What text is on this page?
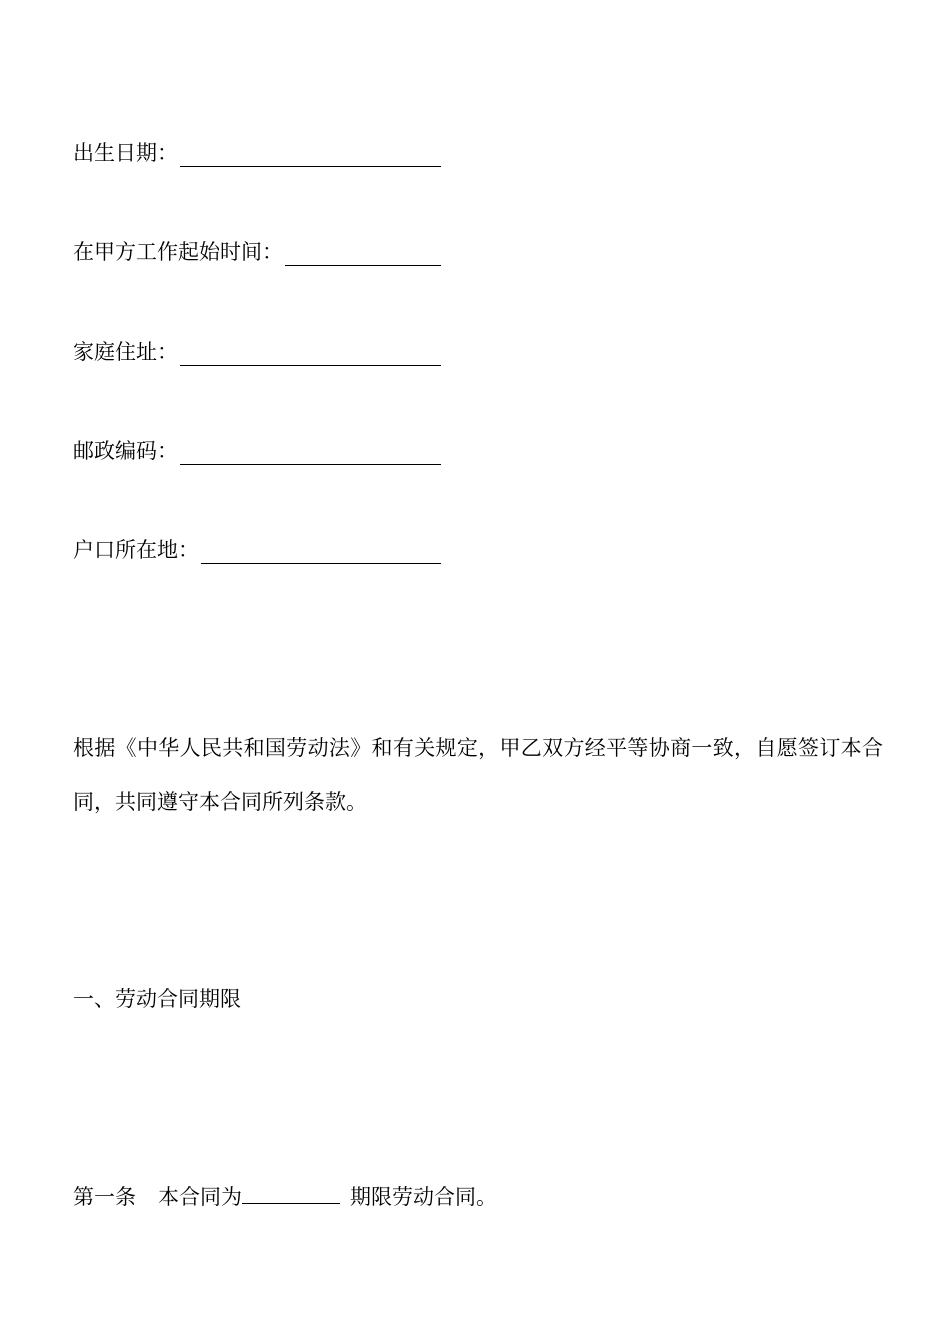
出生日期：
在甲方工作起始时间：
家庭住址：
邮政编码：
户口所在地：
根据《中华人民共和国劳动法》和有关规定，甲乙双方经平等协商一致，自愿签订本合同，共同遵守本合同所列条款。
一、劳动合同期限
第一条 本合同为	期限劳动合同。
